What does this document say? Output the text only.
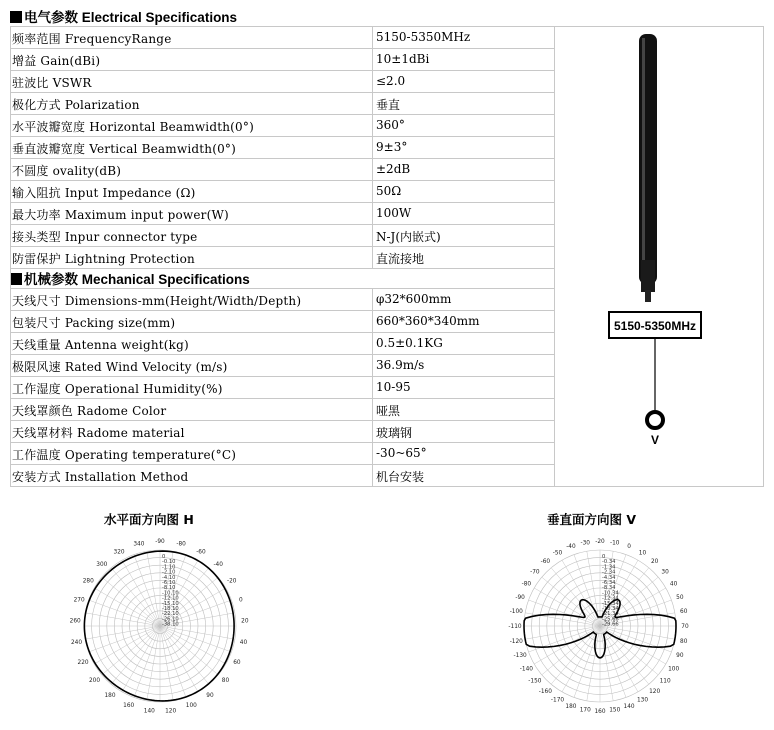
电气参数 Electrical Specifications
频率范围 FrequencyRange	5150-5350MHz
增益 Gain(dBi)	10±1dBi
驻波比 VSWR	≤2.0
极化方式 Polarization	垂直
水平波瓣宽度 Horizontal Beamwidth(0°)	360°
垂直波瓣宽度 Vertical Beamwidth(0°)	9±3°
不圆度 ovality(dB)	±2dB
输入阻抗 Input Impedance (Ω)	50Ω
最大功率 Maximum input power(W)	100W
接头类型 Inpur connector type	N-J(内嵌式)
防雷保护 Lightning Protection	直流接地
机械参数 Mechanical Specifications
天线尺寸 Dimensions-mm(Height/Width/Depth)	φ32*600mm
包装尺寸 Packing size(mm)	660*360*340mm
天线重量 Antenna weight(kg)	0.5±0.1KG
极限风速 Rated Wind Velocity (m/s)	36.9m/s
工作湿度 Operational Humidity(%)	10-95
天线罩颜色 Radome Color	哑黑
天线罩材料 Radome material	玻璃钢
工作温度 Operating temperature(°C)	-30~65°
安装方式 Installation Method	机台安装
5150-5350MHz
V
水平面方向图 H	垂直面方向图 V
0
-0.10
-1.10
-2.10
-4.10
-6.10
-8.10
-10.10
-12.10
-15.10
-18.10
-22.10
-26.10
-38.10
-90 -80
-60
-40
-20
0
20
40
60
80
90
100
120
140
160
180
200
220
240
260
270
280
300
320
340
0
-0.34
-1.34
-2.34
-4.34
-6.34
-8.34
-10.34
-12.34
-15.34
-18.34
-21.34
-25.66
-29.66
-20 -10
0
10
20
30
40
50
60
70
80
90
100
110
120
130
140
150
160
170
180
-170
-160
-150
-140
-130
-120
-110
-100
-90
-80
-70
-60
-50
-40
-30
